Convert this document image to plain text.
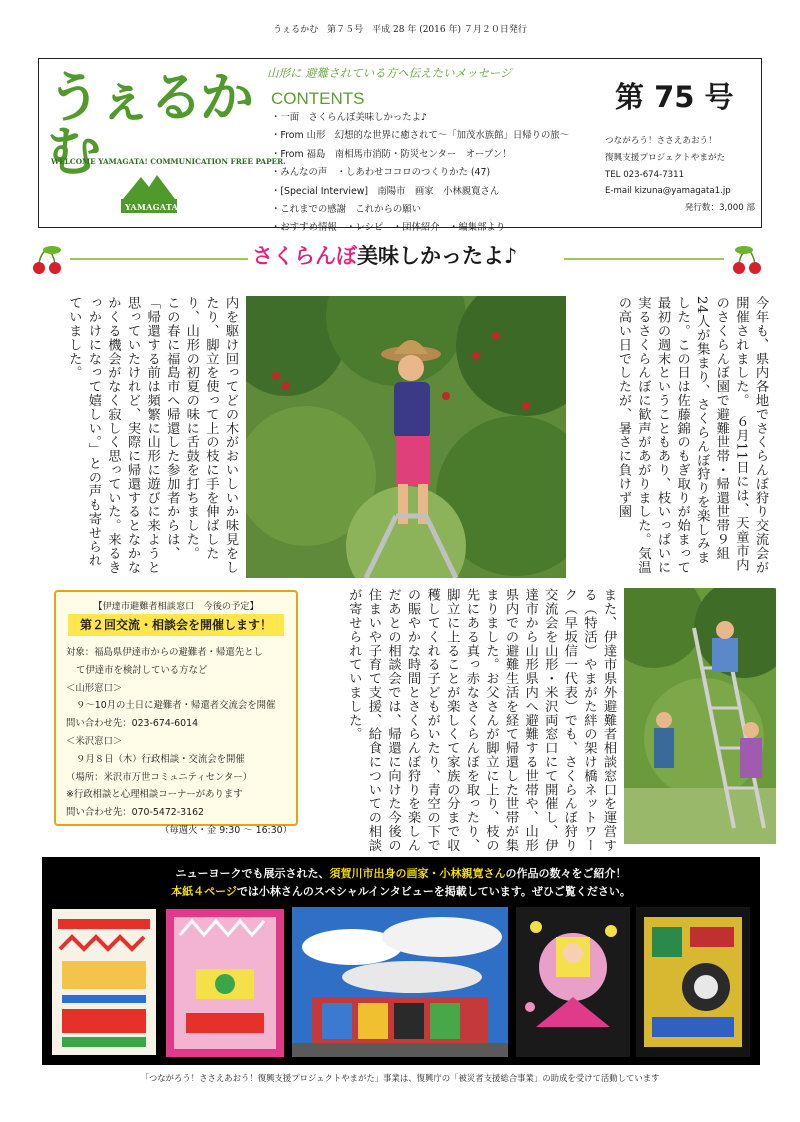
うぇるかむ　第７５号　平成 28 年 (2016 年) ７月２０日発行
うぇるかむ
WELCOME YAMAGATA! COMMUNICATION FREE PAPER.
YAMAGATA
山形に 避難されている方へ伝えたいメッセージ
CONTENTS
・一面　さくらんぼ美味しかったよ♪
・From 山形　幻想的な世界に癒されて〜「加茂水族館」日帰りの旅〜
・From 福島　南相馬市消防・防災センター　オープン！
・みんなの声　・しあわせココロのつくりかた (47)
・[Special Interview]　南陽市　画家　小林親寛さん
・これまでの感謝　これからの願い
・おすすめ情報　・レシピ　・団体紹介　・編集部より
第 75 号
つながろう！ささえあおう！
復興支援プロジェクトやまがた
TEL 023-674-7311
E-mail kizuna@yamagata1.jp
発行数：3,000 部
さくらんぼ美味しかったよ♪
今年も、県内各地でさくらんぼ狩り交流会が開催されました。　６月11日には、天童市内のさくらんぼ園で避難世帯・帰還世帯９組24人が集まり、さくらんぼ狩りを楽しみました。この日は佐藤錦のもぎ取りが始まって最初の週末ということもあり、枝いっぱいに実るさくらんぼに歓声があがりました。気温の高い日でしたが、暑さに負けず園
内を駆け回ってどの木がおいしいか味見をしたり、脚立を使って上の枝に手を伸ばしたり、山形の初夏の味に舌鼓を打ちました。　この春に福島市へ帰還した参加者からは、「帰還する前は頻繁に山形に遊びに来ようと思っていたけれど、実際に帰還するとなかなかくる機会がなく寂しく思っていた。来るきっかけになって嬉しい。」との声も寄せられていました。
また、伊達市県外避難者相談窓口を運営する（特活）やまがた絆の架け橋ネットワーク（早坂信一代表）でも、さくらんぼ狩り交流会を山形・米沢両窓口にて開催し、伊達市から山形県内へ避難する世帯や、山形県内での避難生活を経て帰還した世帯が集まりました。お父さんが脚立に上り、枝の先にある真っ赤なさくらんぼを取ったり、脚立に上ることが楽しくて家族の分まで収穫してくれる子どもがいたり、青空の下での賑やかな時間とさくらんぼ狩りを楽しんだあとの相談会では、帰還に向けた今後の住まいや子育て支援、給食についての相談が寄せられていました。
【伊達市避難者相談窓口　今後の予定】
第２回交流・相談会を開催します！
対象：福島県伊達市からの避難者・帰還先とし
て伊達市を検討している方など
＜山形窓口＞
９〜10月の土日に避難者・帰還者交流会を開催
問い合わせ先：023-674-6014
＜米沢窓口＞
９月８日（木）行政相談・交流会を開催
（場所：米沢市万世コミュニティセンター）
※行政相談と心理相談コーナーがあります
問い合わせ先：070-5472-3162
（毎週火・金 9:30 〜 16:30）
ニューヨークでも展示された、須賀川市出身の画家・小林親寛さんの作品の数々をご紹介！
本紙４ページでは小林さんのスペシャルインタビューを掲載しています。ぜひご覧ください。
「つながろう！ささえあおう！復興支援プロジェクトやまがた」事業は、復興庁の「被災者支援総合事業」の助成を受けて活動しています
